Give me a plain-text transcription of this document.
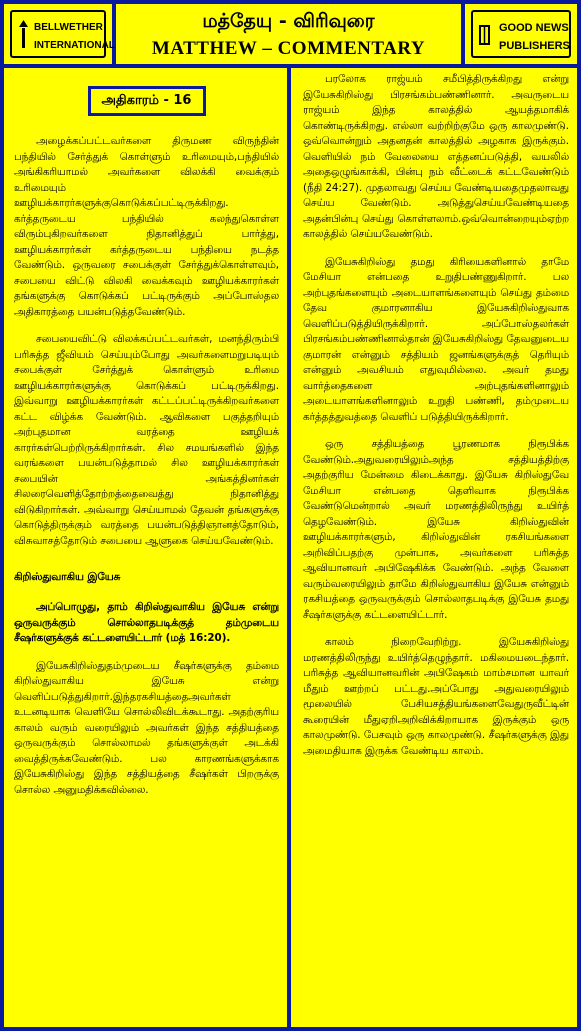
BELLWETHER
INTERNATIONAL
மத்தேயு - விரிவுரை
MATTHEW – COMMENTARY
GOOD NEWS
PUBLISHERS
அதிகாரம் - 16

அழைக்கப்பட்டவர்களை திருமண விருந்தின் பந்தியில் சேர்த்துக் கொள்ளும் உரிமையும்,பந்தியில் அங்கிகரியாமல் அவர்களை விலக்கி வைக்கும் உரிமையும் ஊழியக்காரர்களுக்குகொடுக்கப்பட்டிருக்கிறது. கர்த்தருடைய பந்தியில் கலந்துகொள்ள விரும்புகிறவர்களை நிதானித்துப் பார்த்து, ஊழியக்காரர்கள் கர்த்தருடைய பந்தியை நடத்த வேண்டும். ஒருவரை சபைக்குள் சேர்த்துக்கொள்ளவும், சபையை விட்டு விலகி வைக்கவும் ஊழியக்காரர்கள் தங்களுக்கு கொடுக்கப் பட்டிருக்கும் அப்போஸ்தல அதிகாரத்தை பயன்படுத்தவேண்டும்.

சபையைவிட்டு விலக்கப்பட்டவர்கள், மனந்திரும்பி பரிசுத்த ஜீவியம் செய்யும்போது அவர்களைமறுபடியும் சபைக்குள் சேர்த்துக் கொள்ளும் உரிமை ஊழியக்காரர்களுக்கு கொடுக்கப் பட்டிருக்கிறது. இவ்வாறு ஊழியக்காரர்கள் கட்டப்பட்டிருக்கிறவர்களை கட்ட விழ்க்க வேண்டும். ஆவிகளை பகுத்தறியும் அற்புதமான வரத்தை ஊழியக் காரர்கள்பெற்றிருக்கிறார்கள். சில சமயங்களில் இந்த வரங்களை பயன்படுத்தாமல் சில ஊழியக்காரர்கள் சபையின் அங்கத்தினர்கள் சிலரைவெளித்தோற்றத்தைவைத்து நிதானித்து விடுகிறார்கள். அவ்வாறு செய்யாமல் தேவன் தங்களுக்கு கொடுத்திருக்கும் வரத்தை பயன்படுத்திஞானத்தோடும், விசுவாசத்தோடும் சபையை ஆளுகை செய்யவேண்டும்.

கிறிஸ்துவாகிய இயேசு

அப்பொழுது, தாம் கிறிஸ்துவாகிய இயேசு என்று ஒருவருக்கும் சொல்லாதபடிக்குத் தம்முடைய சீஷர்களுக்குக் கட்டளையிட்டார் (மத் 16:20).

இயேசுகிறிஸ்துதம்முடைய சீஷர்களுக்கு தம்மை கிறிஸ்துவாகிய இயேசு என்று வெளிப்படுத்துகிறார்.இந்தரகசியத்தைஅவர்கள் உடனடியாக வெளியே சொல்லிவிடக்கூடாது. அதற்குரிய காலம் வரும் வரையிலும் அவர்கள் இந்த சத்தியத்தை ஒருவருக்கும் சொல்லாமல் தங்களுக்குள் அடக்கி வைத்திருக்கவேண்டும். பல காரணங்களுக்காக இயேசுகிறிஸ்து இந்த சத்தியத்தை சீஷர்கள் பிறருக்கு சொல்ல அனுமதிக்கவில்லை.

பரலோக ராஜ்யம் சமீபித்திருக்கிறது என்று இயேசுகிறிஸ்து பிரசங்கம்பண்ணினார். அவருடைய ராஜ்யம் இந்த காலத்தில் ஆயத்தமாகிக் கொண்டிருக்கிறது. எல்லா வற்றிற்குமே ஒரு காலமுண்டு. ஒவ்வொன்றும் அதனதன் காலத்தில் அழகாக இருக்கும். வெளியில் நம் வேலையை எத்தனப்படுத்தி, வயலில் அதைஒழுங்காக்கி, பின்பு நம் வீட்டைக் கட்டவேண்டும் (நீதி 24:27). முதலாவது செய்ய வேண்டியதைமுதலாவது செய்ய வேண்டும். அடுத்துசெய்யவேண்டியதை அதன்பின்பு செய்து கொள்ளலாம்.ஒவ்வொன்றையும்ஏற்ற காலத்தில் செய்யவேண்டும்.

இயேசுகிறிஸ்து தமது கிரியைகளினால் தாமே மேசியா என்பதை உறுதிபண்ணுகிறார். பல அற்புதங்களையும் அடையாளங்களையும் செய்து தம்மை தேவ குமாரனாகிய இயேசுகிறிஸ்துவாக வெளிப்படுத்தியிருக்கிறார். அப்போஸ்தலர்கள் பிரசங்கம்பண்ணினால்தான் இயேசுகிறிஸ்து தேவனுடைய குமாரன் என்னும் சத்தியம் ஜனங்களுக்குத் தெரியும் என்னும் அவசியம் எதுவுமில்லை. அவர் தமது வார்த்தைகளை அற்புதங்களினாலும் அடையாளங்களினாலும் உறுதி பண்ணி, தம்முடைய கர்த்தத்துவத்தை வெளிப் படுத்தியிருக்கிறார்.

ஒரு சத்தியத்தை பூரணமாக நிரூபிக்க வேண்டும்.அதுவரையிலும்அந்த சத்தியத்திற்கு அதற்குரிய மேன்மை கிடைக்காது. இயேசு கிறிஸ்துவே மேசியா என்பதை தெளிவாக நிரூபிக்க வேண்டுமென்றால் அவர் மரணத்திலிருந்து உயிர்த் தெழவேண்டும். இயேசு கிறிஸ்துவின் ஊழியக்காரர்களும், கிறிஸ்துவின் ரகசியங்களை அறிவிப்பதற்கு முன்பாக, அவர்களை பரிசுத்த ஆவியானவர் அபிஷேகிக்க வேண்டும். அந்த வேளை வரும்வரையிலும் தாமே கிறிஸ்துவாகிய இயேசு என்னும் ரகசியத்தை ஒருவருக்கும் சொல்லாதபடிக்கு இயேசு தமது சீஷர்களுக்கு கட்டளையிட்டார்.

காலம் நிறைவேறிற்று. இயேசுகிறிஸ்து மரணத்திலிருந்து உயிர்த்தெழுந்தார். மகிமையடைந்தார். பரிசுத்த ஆவியானவரின் அபிஷேகம் மாம்சமான யாவர் மீதும் ஊற்றப் பட்டது.அப்போது அதுவரையிலும் மூலையில் பேசியசத்தியங்களைவேதுருவீட்டின் கூரையின் மீதுஏறிஅறிவிக்கிறாயாக இருக்கும் ஒரு காலமுண்டு. பேசவும் ஒரு காலமுண்டு. சீஷர்களுக்கு இது அமைதியாக இருக்க வேண்டிய காலம்.
